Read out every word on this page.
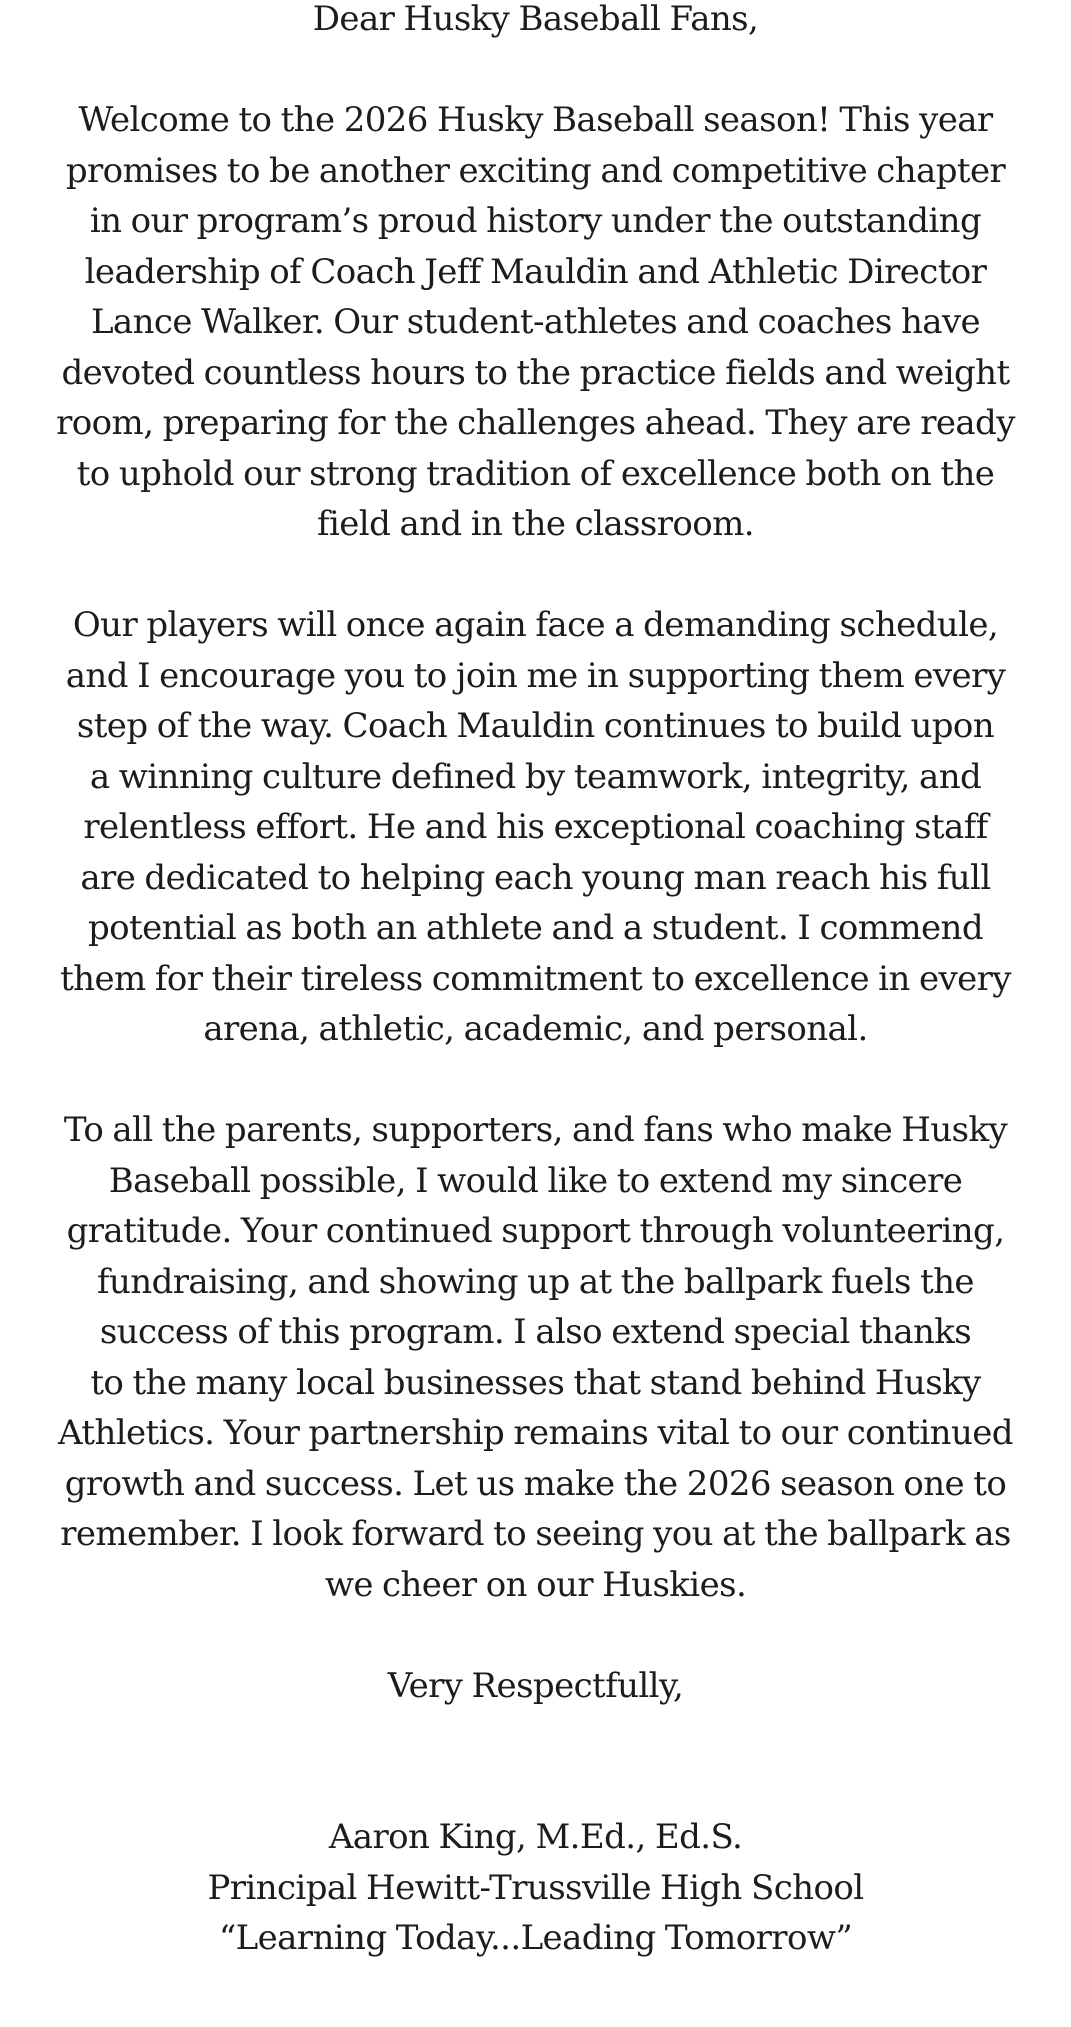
Dear Husky Baseball Fans,
Welcome to the 2026 Husky Baseball season! This year
promises to be another exciting and competitive chapter
in our program’s proud history under the outstanding
leadership of Coach Jeff Mauldin and Athletic Director
Lance Walker. Our student-athletes and coaches have
devoted countless hours to the practice fields and weight
room, preparing for the challenges ahead. They are ready
to uphold our strong tradition of excellence both on the
field and in the classroom.
Our players will once again face a demanding schedule,
and I encourage you to join me in supporting them every
step of the way. Coach Mauldin continues to build upon
a winning culture defined by teamwork, integrity, and
relentless effort. He and his exceptional coaching staff
are dedicated to helping each young man reach his full
potential as both an athlete and a student. I commend
them for their tireless commitment to excellence in every
arena, athletic, academic, and personal.
To all the parents, supporters, and fans who make Husky
Baseball possible, I would like to extend my sincere
gratitude. Your continued support through volunteering,
fundraising, and showing up at the ballpark fuels the
success of this program. I also extend special thanks
to the many local businesses that stand behind Husky
Athletics. Your partnership remains vital to our continued
growth and success. Let us make the 2026 season one to
remember. I look forward to seeing you at the ballpark as
we cheer on our Huskies.
Very Respectfully,
Aaron King, M.Ed., Ed.S.
Principal Hewitt-Trussville High School
“Learning Today...Leading Tomorrow”
